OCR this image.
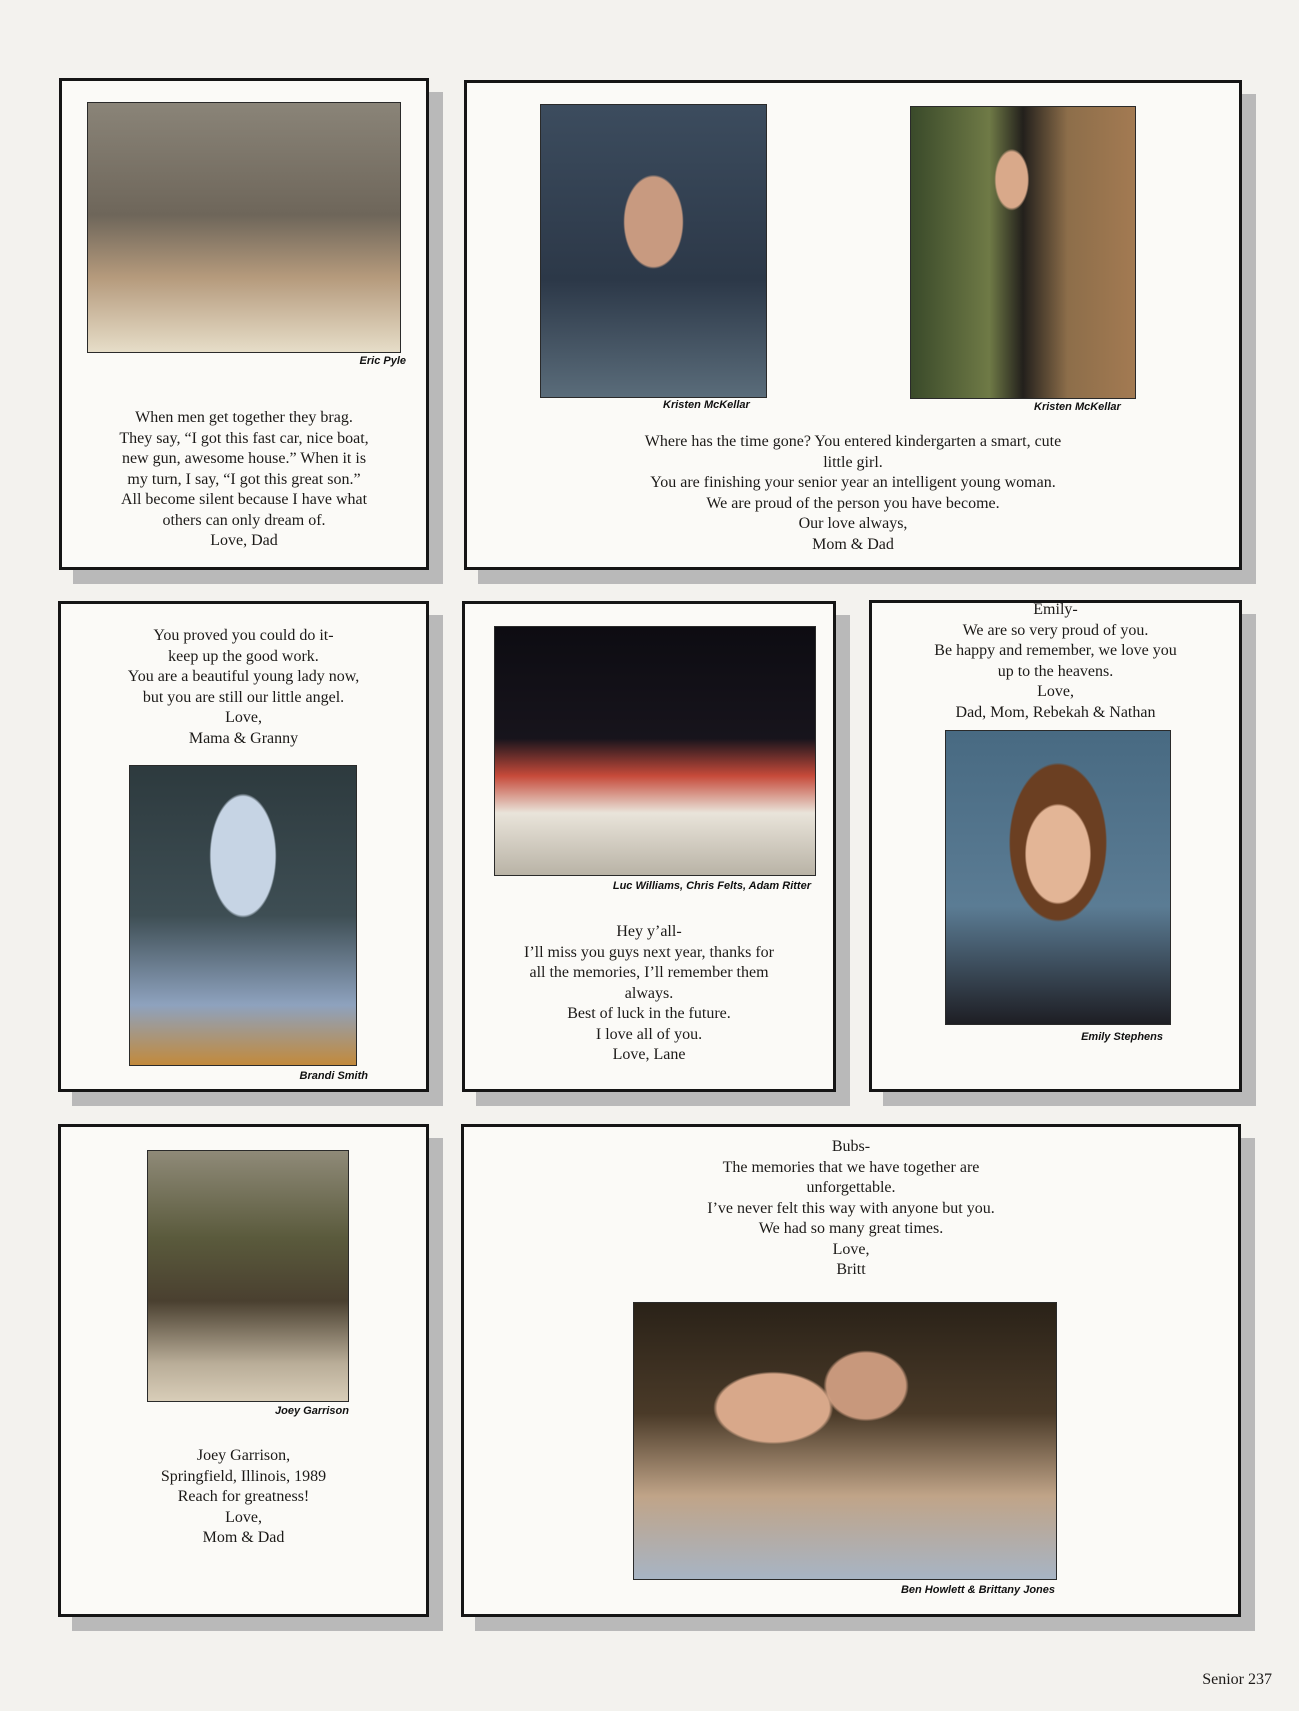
Eric Pyle
When men get together they brag.
They say, “I got this fast car, nice boat,
new gun, awesome house.” When it is
my turn, I say, “I got this great son.”
All become silent because I have what
others can only dream of.
Love, Dad
Kristen McKellar	Kristen McKellar
Where has the time gone? You entered kindergarten a smart, cute
little girl.
You are finishing your senior year an intelligent young woman.
We are proud of the person you have become.
Our love always,
Mom & Dad
You proved you could do it-
keep up the good work.
You are a beautiful young lady now,
but you are still our little angel.
Love,
Mama & Granny
Brandi Smith
Luc Williams, Chris Felts, Adam Ritter
Hey y’all-
I’ll miss you guys next year, thanks for
all the memories, I’ll remember them
always.
Best of luck in the future.
I love all of you.
Love, Lane
Emily-
We are so very proud of you.
Be happy and remember, we love you
up to the heavens.
Love,
Dad, Mom, Rebekah & Nathan
Emily Stephens
Joey Garrison
Joey Garrison,
Springfield, Illinois, 1989
Reach for greatness!
Love,
Mom & Dad
Bubs-
The memories that we have together are
unforgettable.
I’ve never felt this way with anyone but you.
We had so many great times.
Love,
Britt
Ben Howlett & Brittany Jones
Senior 237
